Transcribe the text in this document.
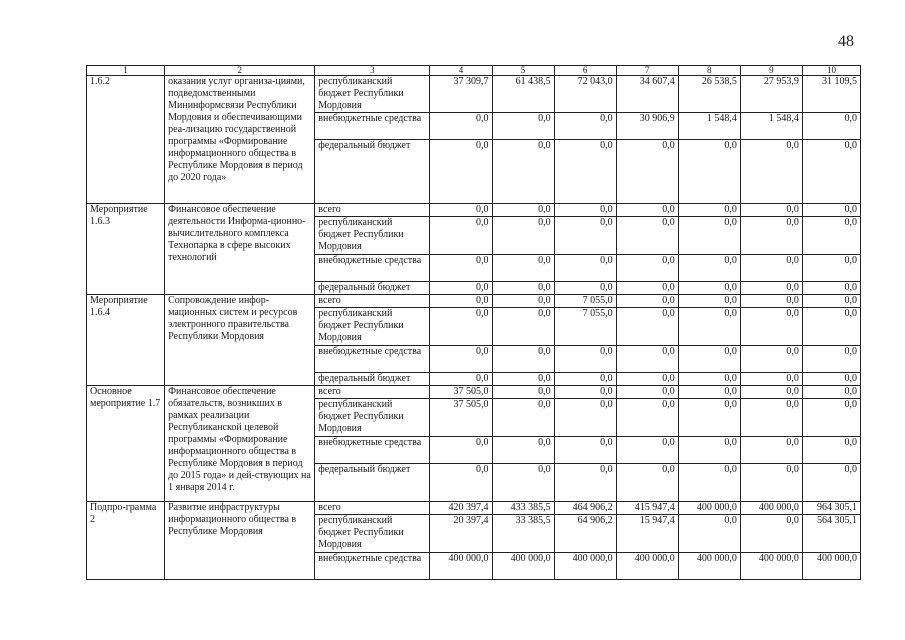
48
1	2	3	4	5	6	7	8	9	10
1.6.2	оказания услуг организа-циями, подведомственными Мининформсвязи Республики Мордовия и обеспечивающими реа-лизацию государственной программы «Формирование информационного общества в Республике Мордовия в период до 2020 года»	республиканский бюджет Республики Мордовия	37 309,7	61 438,5	72 043,0	34 607,4	26 538,5	27 953,9	31 109,5
		внебюджетные средства	0,0	0,0	0,0	30 906,9	1 548,4	1 548,4	0,0
		федеральный бюджет	0,0	0,0	0,0	0,0	0,0	0,0	0,0
Мероприятие 1.6.3	Финансовое обеспечение деятельности Информа-ционно-вычислительного комплекса Технопарка в сфере высоких технологий	всего	0,0	0,0	0,0	0,0	0,0	0,0	0,0
		республиканский бюджет Республики Мордовия	0,0	0,0	0,0	0,0	0,0	0,0	0,0
		внебюджетные средства	0,0	0,0	0,0	0,0	0,0	0,0	0,0
		федеральный бюджет	0,0	0,0	0,0	0,0	0,0	0,0	0,0
Мероприятие 1.6.4	Сопровождение инфор-мационных систем и ресурсов электронного правительства Республики Мордовия	всего	0,0	0,0	7 055,0	0,0	0,0	0,0	0,0
		республиканский бюджет Республики Мордовия	0,0	0,0	7 055,0	0,0	0,0	0,0	0,0
		внебюджетные средства	0,0	0,0	0,0	0,0	0,0	0,0	0,0
		федеральный бюджет	0,0	0,0	0,0	0,0	0,0	0,0	0,0
Основное мероприятие 1.7	Финансовое обеспечение обязательств, возникших в рамках реализации Республиканской целевой программы «Формирование информационного общества в Республике Мордовия в период до 2015 года» и дей-ствующих на 1 января 2014 г.	всего	37 505,0	0,0	0,0	0,0	0,0	0,0	0,0
		республиканский бюджет Республики Мордовия	37 505,0	0,0	0,0	0,0	0,0	0,0	0,0
		внебюджетные средства	0,0	0,0	0,0	0,0	0,0	0,0	0,0
		федеральный бюджет	0,0	0,0	0,0	0,0	0,0	0,0	0,0
Подпро-грамма 2	Развитие инфраструктуры информационного общества в Республике Мордовия	всего	420 397,4	433 385,5	464 906,2	415 947,4	400 000,0	400 000,0	964 305,1
		республиканский бюджет Республики Мордовия	20 397,4	33 385,5	64 906,2	15 947,4	0,0	0,0	564 305,1
		внебюджетные средства	400 000,0	400 000,0	400 000,0	400 000,0	400 000,0	400 000,0	400 000,0
